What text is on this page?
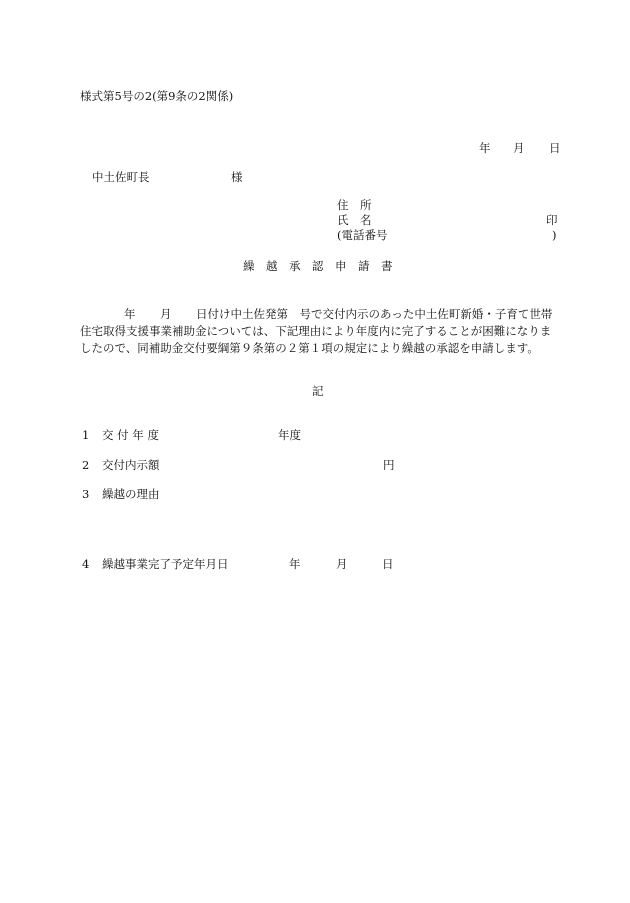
様式第5号の2(第9条の2関係)
年 月 日
中土佐町長	様
住　所
氏　名	印
(電話番号	)
繰　越　承　認　申　請　書
年 月 日付け中土佐発第　号で交付内示のあった中土佐町新婚・子育て世帯
住宅取得支援事業補助金については、下記理由により年度内に完了することが困難になりま
したので、同補助金交付要綱第９条第の２第１項の規定により繰越の承認を申請します。
記
1 交 付 年 度	年度
2 交付内示額	円
3 繰越の理由
4 繰越事業完了予定年月日	年	月	日
